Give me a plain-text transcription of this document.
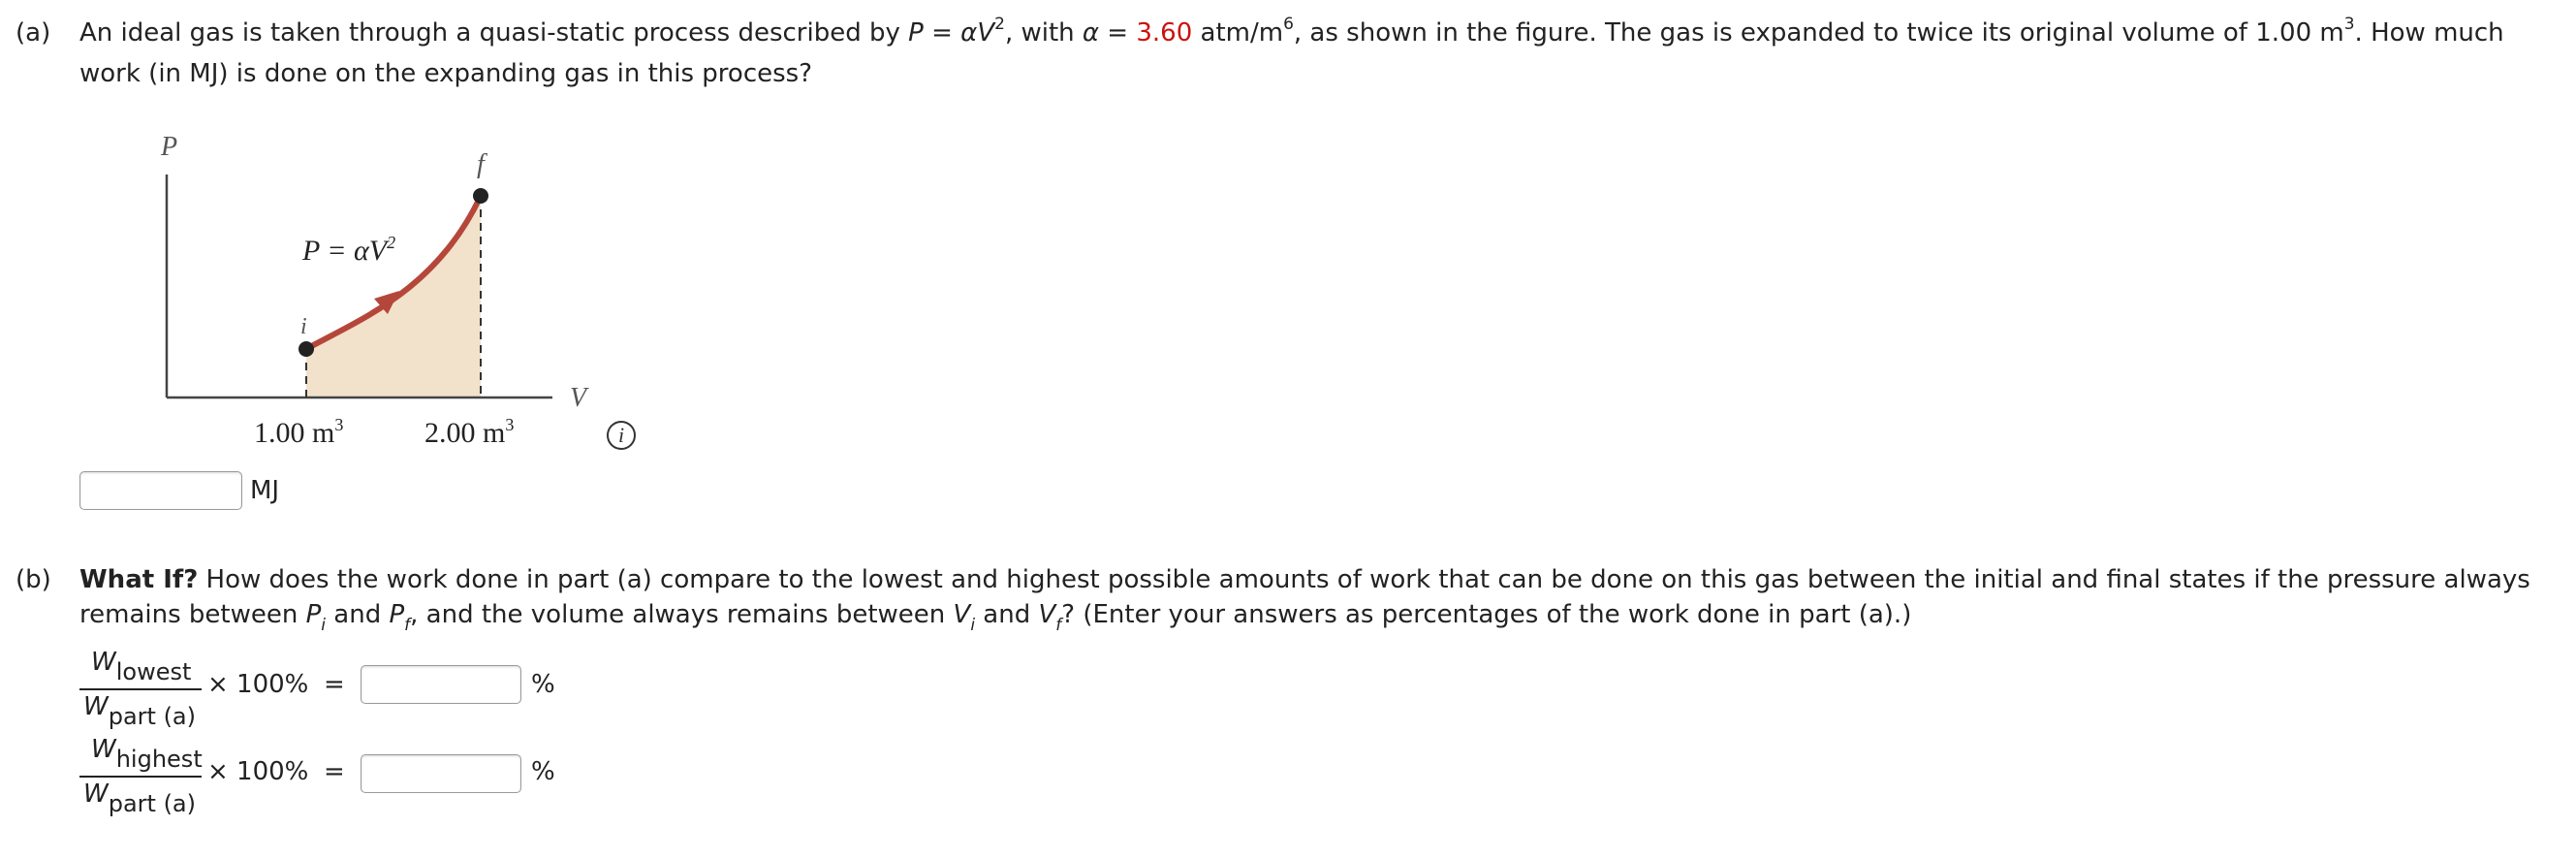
(a) An ideal gas is taken through a quasi-static process described by $P = \alpha V^2$, with α = 3.60 atm/$m^6$, as shown in the figure. The gas is expanded to twice its original volume of 1.00 $m^3$. How much
work (in MJ) is done on the expanding gas in this process?
P
V
i
f
$P = \alpha V^2$
1.00 $m^3$	2.00 $m^3$	i
MJ
(b) What If? How does the work done in part (a) compare to the lowest and highest possible amounts of work that can be done on this gas between the initial and final states if the pressure always
remains between $P_i$ and $P_f$, and the volume always remains between $V_i$ and $V_f$? (Enter your answers as percentages of the work done in part (a).)
$W_{lowest}$
$W_{part (a)}$
× 100% =	%
$W_{highest}$
$W_{part (a)}$
× 100% =	%
